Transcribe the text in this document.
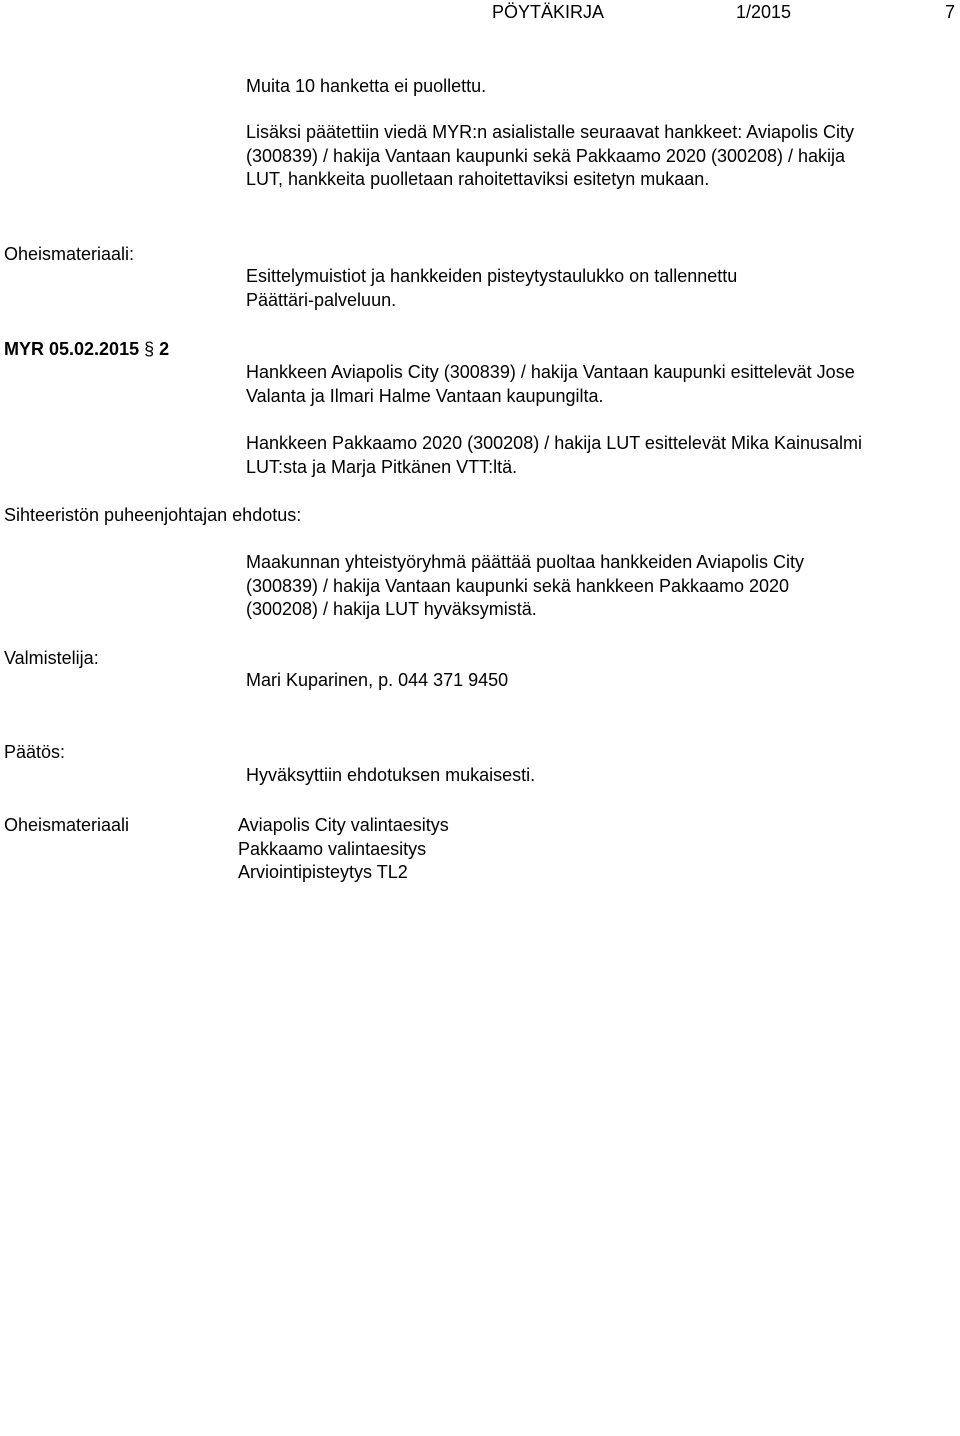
PÖYTÄKIRJA	1/2015	7
Muita 10 hanketta ei puollettu.
Lisäksi päätettiin viedä MYR:n asialistalle seuraavat hankkeet: Aviapolis City
(300839) / hakija Vantaan kaupunki sekä Pakkaamo 2020 (300208) / hakija
LUT, hankkeita puolletaan rahoitettaviksi esitetyn mukaan.
Oheismateriaali:
Esittelymuistiot ja hankkeiden pisteytystaulukko on tallennettu
Päättäri-palveluun.
MYR 05.02.2015 § 2
Hankkeen Aviapolis City (300839) / hakija Vantaan kaupunki esittelevät Jose
Valanta ja Ilmari Halme Vantaan kaupungilta.
Hankkeen Pakkaamo 2020 (300208) / hakija LUT esittelevät Mika Kainusalmi
LUT:sta ja Marja Pitkänen VTT:ltä.
Sihteeristön puheenjohtajan ehdotus:
Maakunnan yhteistyöryhmä päättää puoltaa hankkeiden Aviapolis City
(300839) / hakija Vantaan kaupunki sekä hankkeen Pakkaamo 2020
(300208) / hakija LUT hyväksymistä.
Valmistelija:
Mari Kuparinen, p. 044 371 9450
Päätös:
Hyväksyttiin ehdotuksen mukaisesti.
Oheismateriaali	Aviapolis City valintaesitys
Pakkaamo valintaesitys
Arviointipisteytys TL2
